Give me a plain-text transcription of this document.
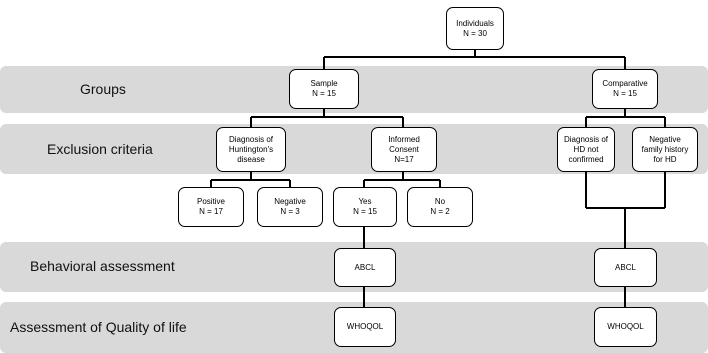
Groups
Exclusion criteria
Behavioral assessment
Assessment of Quality of life
Individuals
N = 30
Sample
N = 15
Comparative
N = 15
Diagnosis of
Huntington's
disease
Informed
Consent
N=17
Diagnosis of
HD not
confirmed
Negative
family history
for HD
Positive
N = 17
Negative
N = 3
Yes
N = 15
No
N = 2
ABCL	ABCL
WHOQOL	WHOQOL
